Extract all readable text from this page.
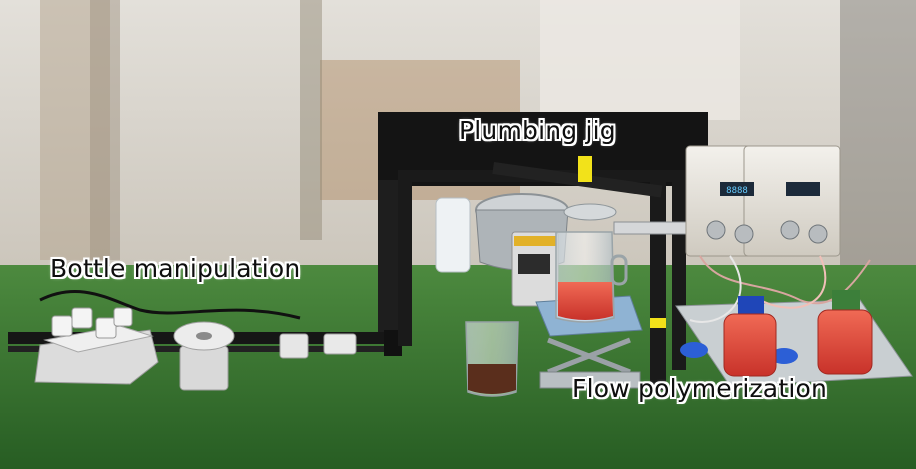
8888
Plumbing jig
Bottle manipulation
Flow polymerization
